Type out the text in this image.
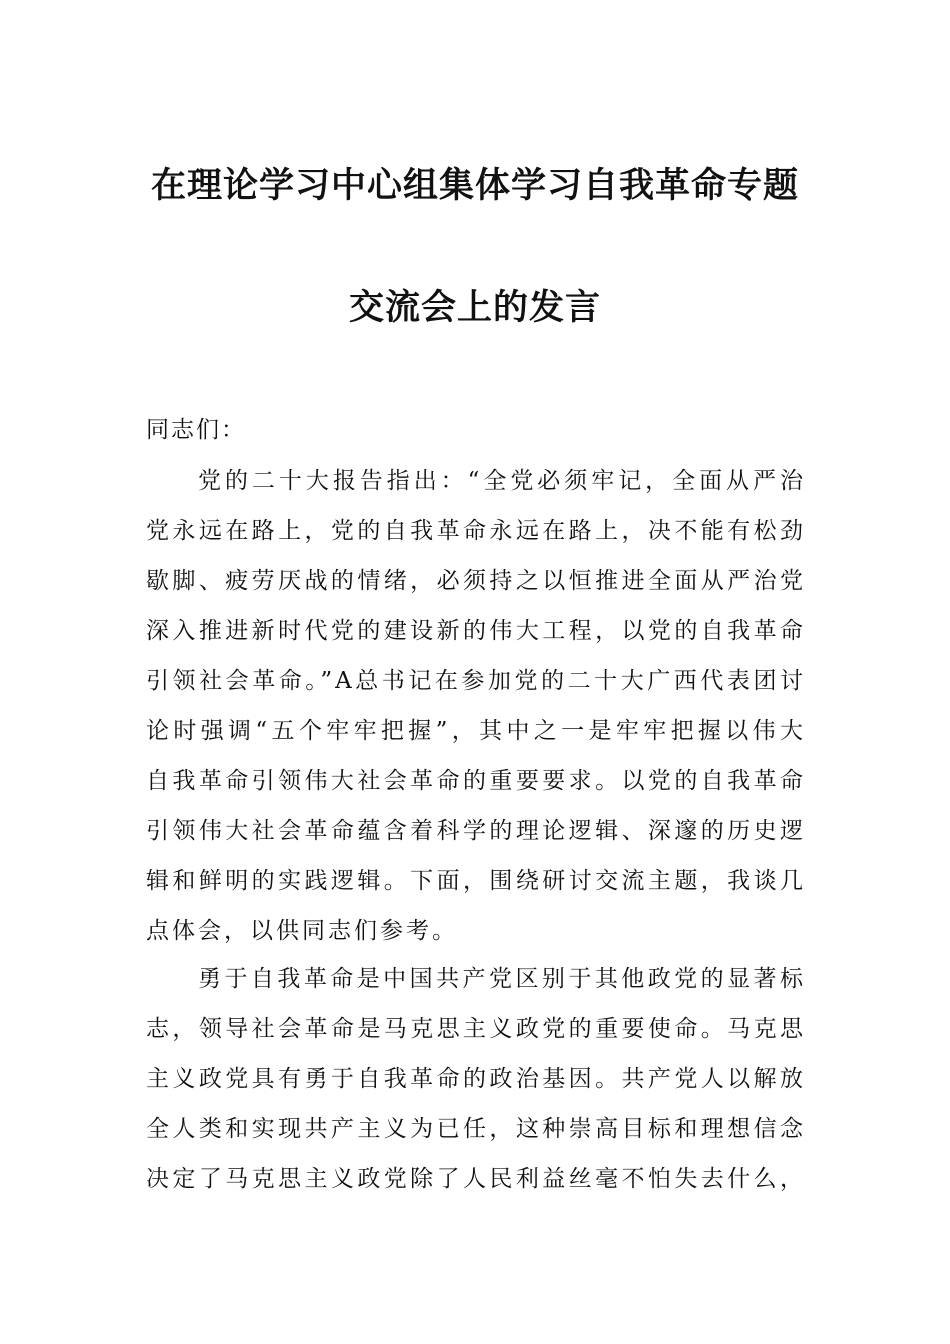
在理论学习中心组集体学习自我革命专题
交流会上的发言
同志们：
党的二十大报告指出：“全党必须牢记，全面从严治
党永远在路上，党的自我革命永远在路上，决不能有松劲
歇脚、疲劳厌战的情绪，必须持之以恒推进全面从严治党
深入推进新时代党的建设新的伟大工程，以党的自我革命
引领社会革命。”A总书记在参加党的二十大广西代表团讨
论时强调“五个牢牢把握”，其中之一是牢牢把握以伟大
自我革命引领伟大社会革命的重要要求。以党的自我革命
引领伟大社会革命蕴含着科学的理论逻辑、深邃的历史逻
辑和鲜明的实践逻辑。下面，围绕研讨交流主题，我谈几
点体会，以供同志们参考。
勇于自我革命是中国共产党区别于其他政党的显著标
志，领导社会革命是马克思主义政党的重要使命。马克思
主义政党具有勇于自我革命的政治基因。共产党人以解放
全人类和实现共产主义为已任，这种崇高目标和理想信念
决定了马克思主义政党除了人民利益丝毫不怕失去什么，
